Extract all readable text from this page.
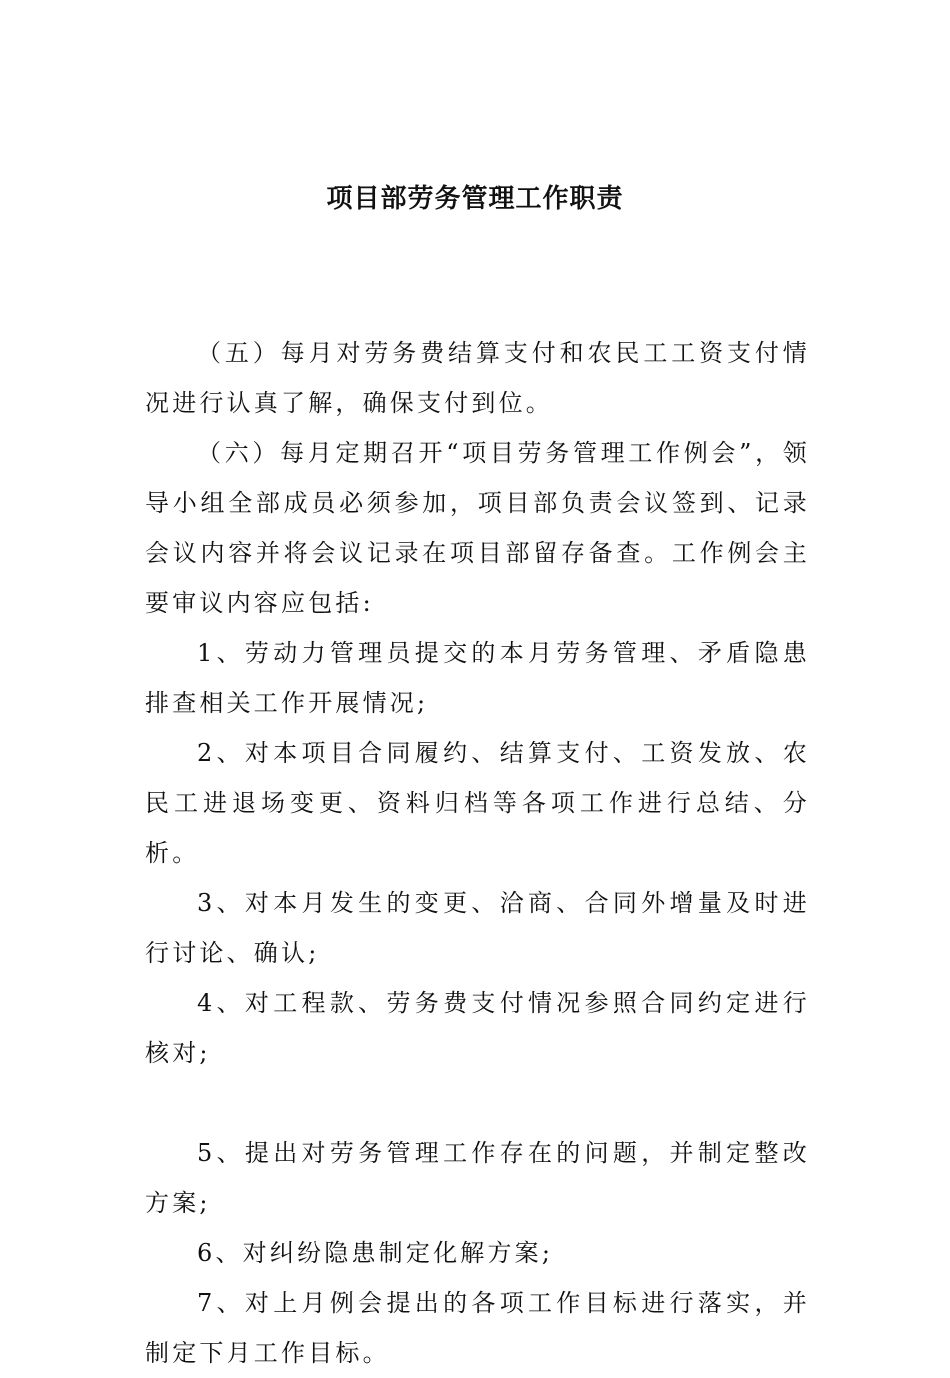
项目部劳务管理工作职责

（五）每月对劳务费结算支付和农民工工资支付情况进行认真了解，确保支付到位。

（六）每月定期召开“项目劳务管理工作例会”，领导小组全部成员必须参加，项目部负责会议签到、记录会议内容并将会议记录在项目部留存备查。工作例会主要审议内容应包括:

1、劳动力管理员提交的本月劳务管理、矛盾隐患排查相关工作开展情况;

2、对本项目合同履约、结算支付、工资发放、农民工进退场变更、资料归档等各项工作进行总结、分析。

3、对本月发生的变更、洽商、合同外增量及时进行讨论、确认;

4、对工程款、劳务费支付情况参照合同约定进行核对;

5、提出对劳务管理工作存在的问题，并制定整改方案;

6、对纠纷隐患制定化解方案;

7、对上月例会提出的各项工作目标进行落实，并制定下月工作目标。
